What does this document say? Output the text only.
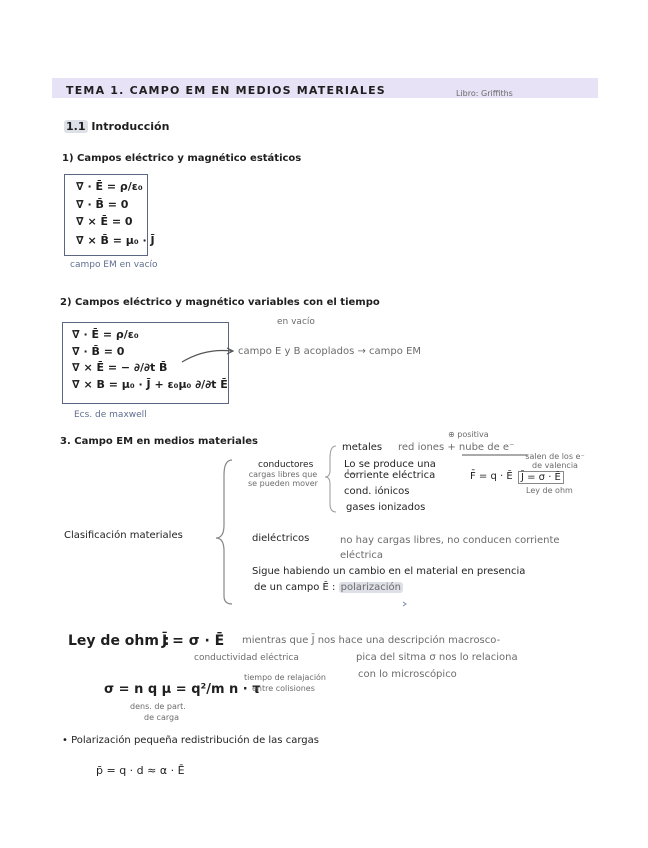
TEMA 1. CAMPO EM EN MEDIOS MATERIALES	Libro: Griffiths
1.1 Introducción
1) Campos eléctrico y magnético estáticos
∇̄ · Ē = ρ/ε₀
∇̄ · B̄ = 0
∇̄ × Ē = 0
∇̄ × B̄ = μ₀ · J̄
campo EM en vacío
2) Campos eléctrico y magnético variables con el tiempo
en vacío
∇̄ · Ē = ρ/ε₀
∇̄ · B̄ = 0
∇ × Ē = − ∂/∂t B̄
∇̄ × B = μ₀ · J̄ + ε₀μ₀ ∂/∂t Ē
campo E y B acoplados → campo EM
Ecs. de maxwell
3. Campo EM en medios materiales
Clasificación materiales
conductores
cargas libres que se pueden mover
metales red iones + nube de e⁻
⊕ positiva
salen de los e⁻ de valencia
Lo se produce una corriente eléctrica	F̄ = q · Ē J̄ = σ · Ē
Ley de ohm
cond. iónicos
gases ionizados
dieléctricos	no hay cargas libres, no conducen corriente eléctrica
Sigue habiendo un cambio en el material en presencia
de un campo Ē : polarización
Ley de ohm :
J̄ = σ · Ē
conductividad eléctrica
mientras que J̄ nos hace una descripción macrosco-
pica del sitma σ nos lo relaciona
con lo microscópico
σ = n q μ = q²/m n · τ
tiempo de relajación
entre colisiones
dens. de part.
de carga
• Polarización pequeña redistribución de las cargas
p̄ = q · d ≈ α · Ē
